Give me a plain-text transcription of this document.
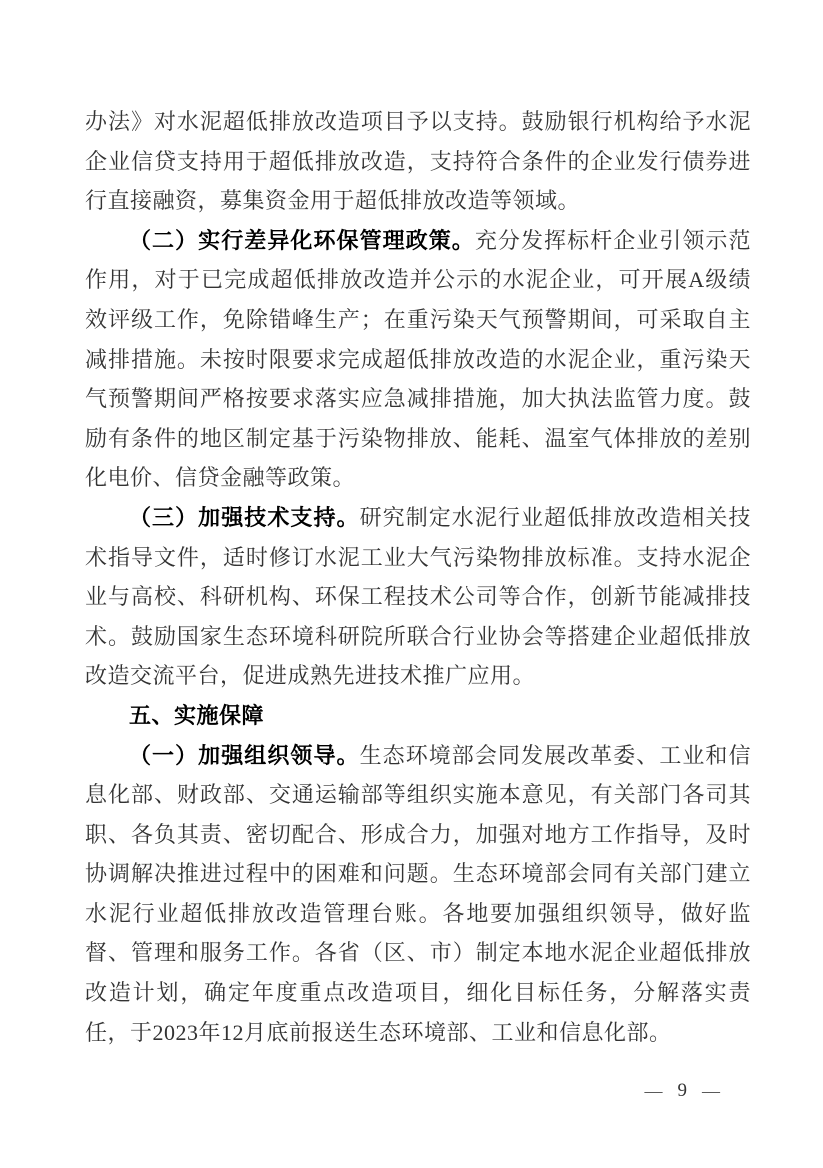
办法》对水泥超低排放改造项目予以支持。鼓励银行机构给予水泥企业信贷支持用于超低排放改造，支持符合条件的企业发行债券进行直接融资，募集资金用于超低排放改造等领域。

（二）实行差异化环保管理政策。充分发挥标杆企业引领示范作用，对于已完成超低排放改造并公示的水泥企业，可开展A级绩效评级工作，免除错峰生产；在重污染天气预警期间，可采取自主减排措施。未按时限要求完成超低排放改造的水泥企业，重污染天气预警期间严格按要求落实应急减排措施，加大执法监管力度。鼓励有条件的地区制定基于污染物排放、能耗、温室气体排放的差别化电价、信贷金融等政策。

（三）加强技术支持。研究制定水泥行业超低排放改造相关技术指导文件，适时修订水泥工业大气污染物排放标准。支持水泥企业与高校、科研机构、环保工程技术公司等合作，创新节能减排技术。鼓励国家生态环境科研院所联合行业协会等搭建企业超低排放改造交流平台，促进成熟先进技术推广应用。

五、实施保障

（一）加强组织领导。生态环境部会同发展改革委、工业和信息化部、财政部、交通运输部等组织实施本意见，有关部门各司其职、各负其责、密切配合、形成合力，加强对地方工作指导，及时协调解决推进过程中的困难和问题。生态环境部会同有关部门建立水泥行业超低排放改造管理台账。各地要加强组织领导，做好监督、管理和服务工作。各省（区、市）制定本地水泥企业超低排放改造计划，确定年度重点改造项目，细化目标任务，分解落实责任，于2023年12月底前报送生态环境部、工业和信息化部。

— 9 —
